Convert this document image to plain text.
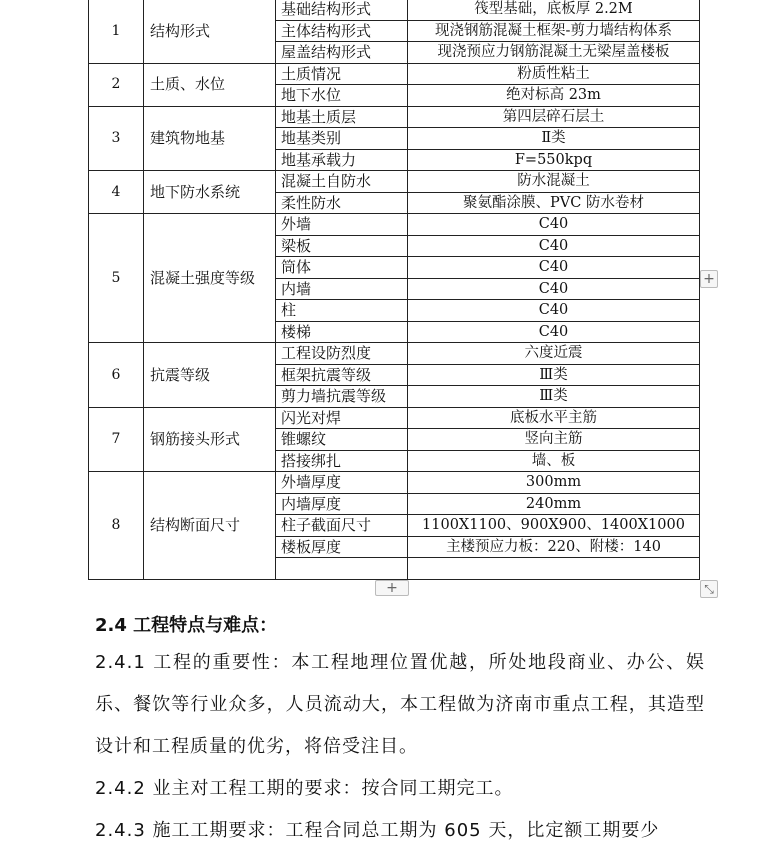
1	结构形式	基础结构形式	筏型基础，底板厚 2.2M
		主体结构形式	现浇钢筋混凝土框架-剪力墙结构体系
		屋盖结构形式	现浇预应力钢筋混凝土无梁屋盖楼板
2	土质、水位	土质情况	粉质性粘土
		地下水位	绝对标高 23m
3	建筑物地基	地基土质层	第四层碎石层土
		地基类别	Ⅱ类
		地基承载力	F=550kpq
4	地下防水系统	混凝土自防水	防水混凝土
		柔性防水	聚氨酯涂膜、PVC 防水卷材
5	混凝土强度等级	外墙	C40
		梁板	C40
		筒体	C40
		内墙	C40
		柱	C40
		楼梯	C40
6	抗震等级	工程设防烈度	六度近震
		框架抗震等级	Ⅲ类
		剪力墙抗震等级	Ⅲ类
7	钢筋接头形式	闪光对焊	底板水平主筋
		锥螺纹	竖向主筋
		搭接绑扎	墙、板
8	结构断面尺寸	外墙厚度	300mm
		内墙厚度	240mm
		柱子截面尺寸	1100X1100、900X900、1400X1000
		楼板厚度	主楼预应力板：220、附楼：140

+
+	⤡
2.4 工程特点与难点：
2.4.1 工程的重要性：本工程地理位置优越，所处地段商业、办公、娱乐、餐饮等行业众多，人员流动大，本工程做为济南市重点工程，其造型设计和工程质量的优劣，将倍受注目。
2.4.2 业主对工程工期的要求：按合同工期完工。
2.4.3 施工工期要求：工程合同总工期为 605 天，比定额工期要少
